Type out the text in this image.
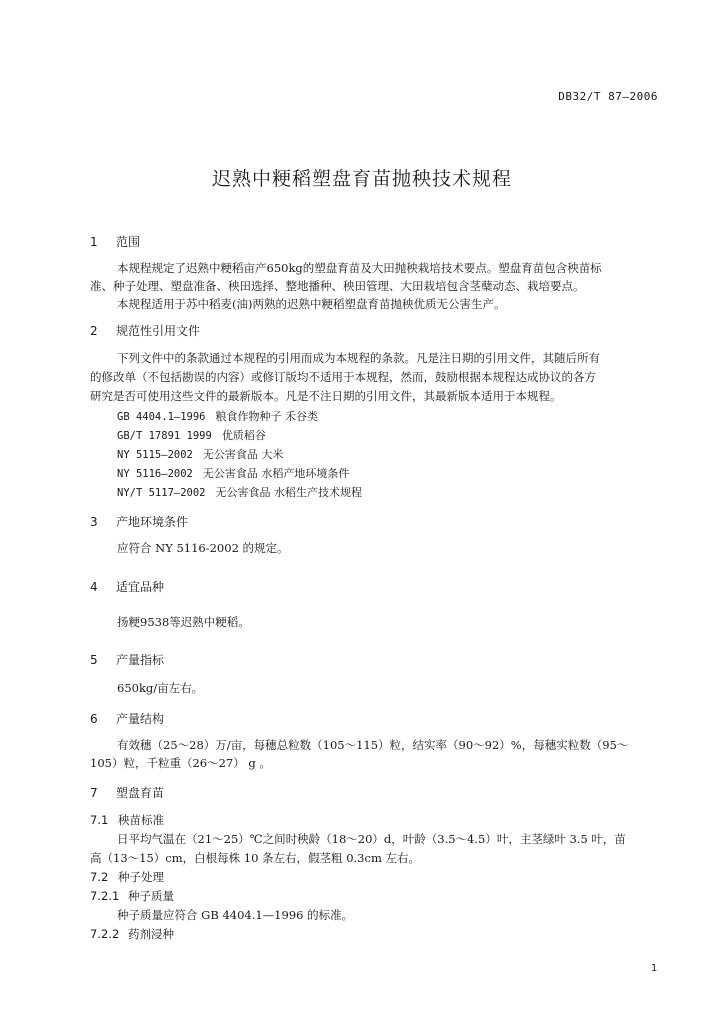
DB32/T 87—2006
迟熟中粳稻塑盘育苗抛秧技术规程
1 范围
本规程规定了迟熟中粳稻亩产650kg的塑盘育苗及大田抛秧栽培技术要点。塑盘育苗包含秧苗标
准、种子处理、塑盘准备、秧田选择、整地播种、秧田管理、大田栽培包含茎蘖动态、栽培要点。
本规程适用于苏中稻麦(油)两熟的迟熟中粳稻塑盘育苗抛秧优质无公害生产。
2 规范性引用文件
下列文件中的条款通过本规程的引用而成为本规程的条款。凡是注日期的引用文件，其随后所有
的修改单（不包括勘误的内容）或修订版均不适用于本规程，然而，鼓励根据本规程达成协议的各方
研究是否可使用这些文件的最新版本。凡是不注日期的引用文件，其最新版本适用于本规程。
GB 4404.1—1996 粮食作物种子 禾谷类
GB/T 17891 1999 优质稻谷
NY 5115—2002 无公害食品 大米
NY 5116—2002 无公害食品 水稻产地环境条件
NY/T 5117—2002 无公害食品 水稻生产技术规程
3 产地环境条件
应符合 NY 5116-2002 的规定。
4 适宜品种
扬粳9538等迟熟中粳稻。
5 产量指标
650kg/亩左右。
6 产量结构
有效穗（25～28）万/亩，每穗总粒数（105～115）粒，结实率（90～92）%，每穗实粒数（95～
105）粒，千粒重（26～27） g 。
7 塑盘育苗
7.1 秧苗标准
日平均气温在（21～25）℃之间时秧龄（18～20）d，叶龄（3.5～4.5）叶，主茎绿叶 3.5 叶，苗
高（13～15）cm，白根每株 10 条左右，假茎粗 0.3cm 左右。
7.2 种子处理
7.2.1 种子质量
种子质量应符合 GB 4404.1—1996 的标准。
7.2.2 药剂浸种
1
